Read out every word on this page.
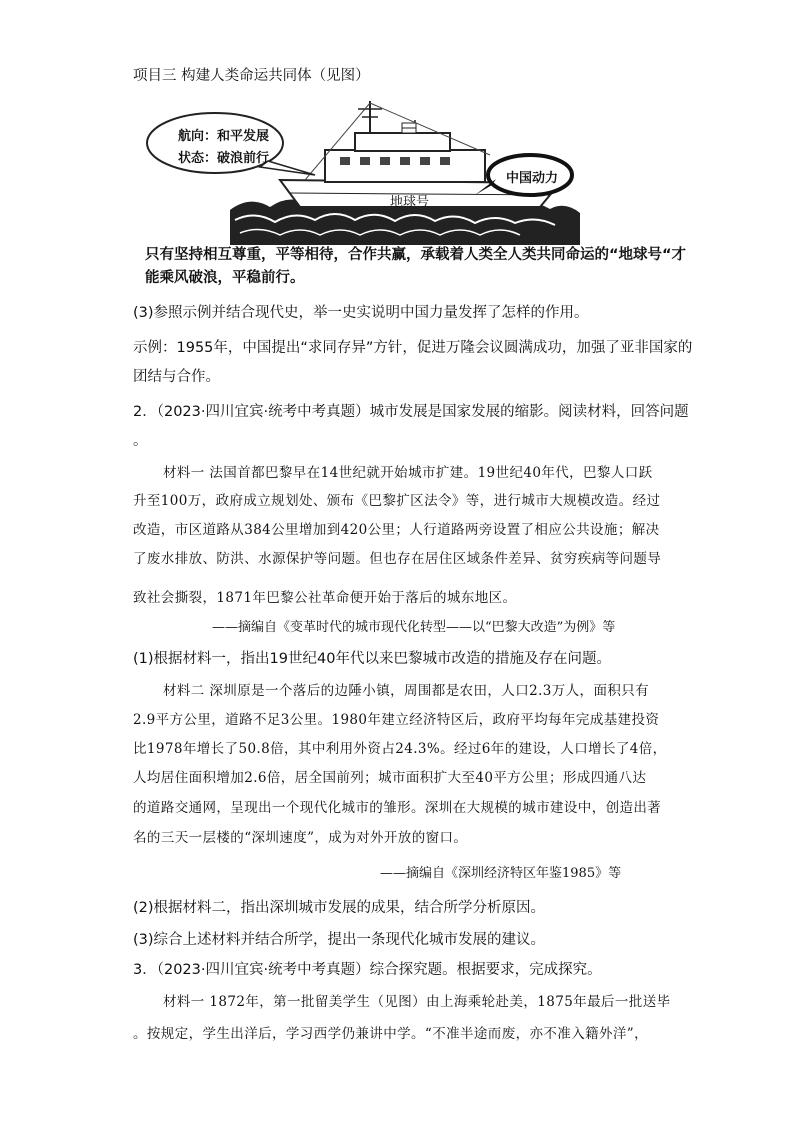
项目三 构建人类命运共同体（见图）
航向：和平发展
状态：破浪前行
中国动力
地球号
只有坚持相互尊重，平等相待，合作共赢，承载着人类全人类共同命运的“地球号“才
能乘风破浪，平稳前行。
(3)参照示例并结合现代史，举一史实说明中国力量发挥了怎样的作用。
示例：1955年，中国提出“求同存异”方针，促进万隆会议圆满成功，加强了亚非国家的
团结与合作。
2．（2023·四川宜宾·统考中考真题）城市发展是国家发展的缩影。阅读材料，回答问题
。
材料一 法国首都巴黎早在14世纪就开始城市扩建。19世纪40年代，巴黎人口跃
升至100万，政府成立规划处、颁布《巴黎扩区法令》等，进行城市大规模改造。经过
改造，市区道路从384公里增加到420公里；人行道路两旁设置了相应公共设施；解决
了废水排放、防洪、水源保护等问题。但也存在居住区域条件差异、贫穷疾病等问题导
致社会撕裂，1871年巴黎公社革命便开始于落后的城东地区。
——摘编自《变革时代的城市现代化转型——以“巴黎大改造”为例》等
(1)根据材料一，指出19世纪40年代以来巴黎城市改造的措施及存在问题。
材料二 深圳原是一个落后的边陲小镇，周围都是农田，人口2.3万人，面积只有
2.9平方公里，道路不足3公里。1980年建立经济特区后，政府平均每年完成基建投资
比1978年增长了50.8倍，其中利用外资占24.3%。经过6年的建设，人口增长了4倍，
人均居住面积增加2.6倍，居全国前列；城市面积扩大至40平方公里；形成四通八达
的道路交通网，呈现出一个现代化城市的雏形。深圳在大规模的城市建设中，创造出著
名的三天一层楼的“深圳速度”，成为对外开放的窗口。
——摘编自《深圳经济特区年鉴1985》等
(2)根据材料二，指出深圳城市发展的成果，结合所学分析原因。
(3)综合上述材料并结合所学，提出一条现代化城市发展的建议。
3．（2023·四川宜宾·统考中考真题）综合探究题。根据要求，完成探究。
材料一 1872年，第一批留美学生（见图）由上海乘轮赴美，1875年最后一批送毕
。按规定，学生出洋后，学习西学仍兼讲中学。“不准半途而废，亦不准入籍外洋”，
